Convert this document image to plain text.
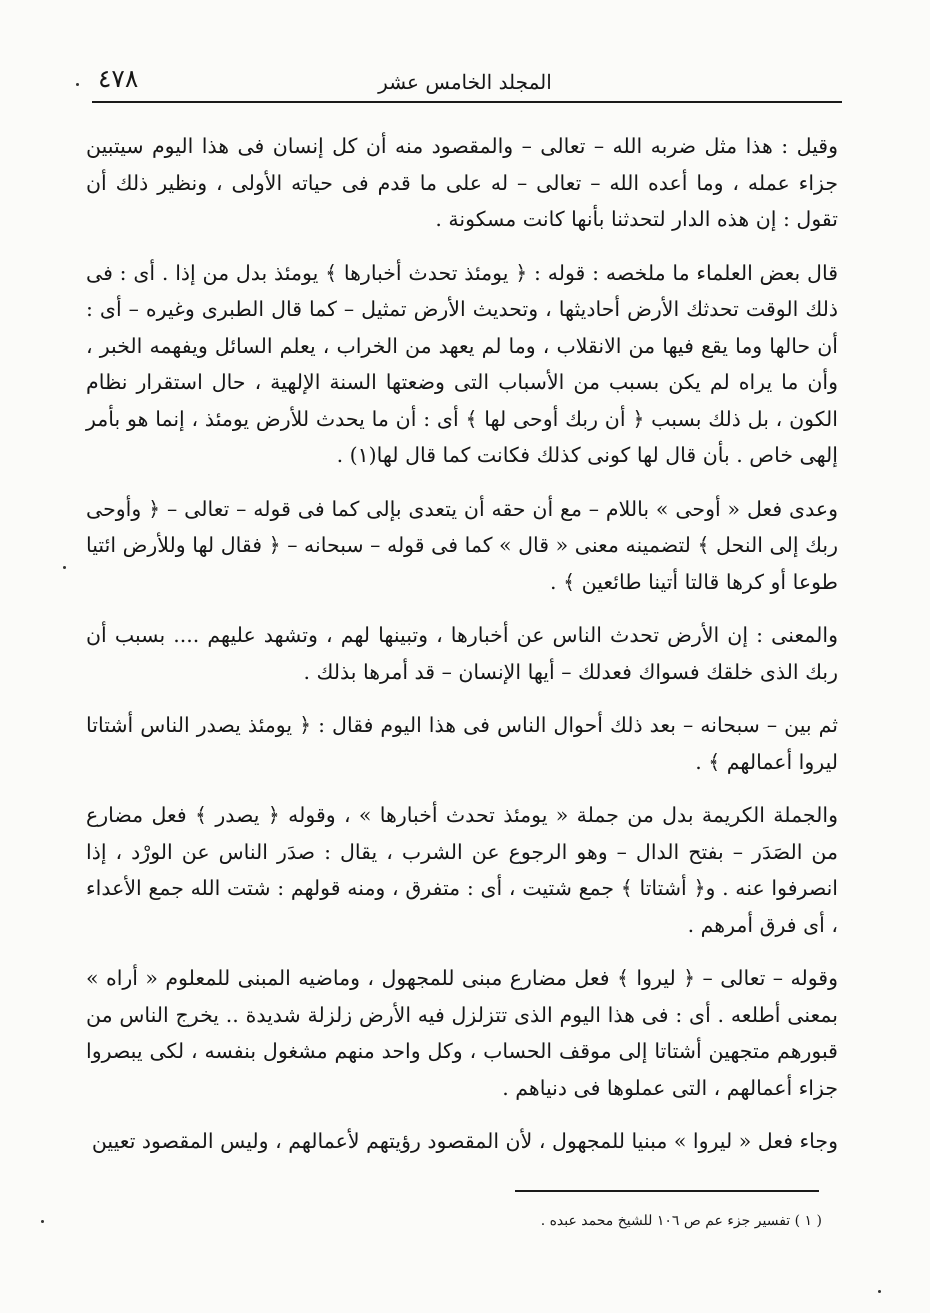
٤٧٨	المجلد الخامس عشر

وقيل : هذا مثل ضربه الله – تعالى – والمقصود منه أن كل إنسان فى هذا اليوم سيتبين جزاء عمله ، وما أعده الله – تعالى – له على ما قدم فى حياته الأولى ، ونظير ذلك أن تقول : إن هذه الدار لتحدثنا بأنها كانت مسكونة .

قال بعض العلماء ما ملخصه : قوله : ﴿ يومئذ تحدث أخبارها ﴾ يومئذ بدل من إذا . أى : فى ذلك الوقت تحدثك الأرض أحاديثها ، وتحديث الأرض تمثيل – كما قال الطبرى وغيره – أى : أن حالها وما يقع فيها من الانقلاب ، وما لم يعهد من الخراب ، يعلم السائل ويفهمه الخبر ، وأن ما يراه لم يكن بسبب من الأسباب التى وضعتها السنة الإلهية ، حال استقرار نظام الكون ، بل ذلك بسبب ﴿ أن ربك أوحى لها ﴾ أى : أن ما يحدث للأرض يومئذ ، إنما هو بأمر إلهى خاص . بأن قال لها كونى كذلك فكانت كما قال لها(١) .

وعدى فعل « أوحى » باللام – مع أن حقه أن يتعدى بإلى كما فى قوله – تعالى – ﴿ وأوحى ربك إلى النحل ﴾ لتضمينه معنى « قال » كما فى قوله – سبحانه – ﴿ فقال لها وللأرض ائتيا طوعا أو كرها قالتا أتينا طائعين ﴾ .

والمعنى : إن الأرض تحدث الناس عن أخبارها ، وتبينها لهم ، وتشهد عليهم .... بسبب أن ربك الذى خلقك فسواك فعدلك – أيها الإنسان – قد أمرها بذلك .

ثم بين – سبحانه – بعد ذلك أحوال الناس فى هذا اليوم فقال : ﴿ يومئذ يصدر الناس أشتاتا ليروا أعمالهم ﴾ .

والجملة الكريمة بدل من جملة « يومئذ تحدث أخبارها » ، وقوله ﴿ يصدر ﴾ فعل مضارع من الصَدَر – بفتح الدال – وهو الرجوع عن الشرب ، يقال : صدَر الناس عن الورْد ، إذا انصرفوا عنه . و﴿ أشتاتا ﴾ جمع شتيت ، أى : متفرق ، ومنه قولهم : شتت الله جمع الأعداء ، أى فرق أمرهم .

وقوله – تعالى – ﴿ ليروا ﴾ فعل مضارع مبنى للمجهول ، وماضيه المبنى للمعلوم « أراه » بمعنى أطلعه . أى : فى هذا اليوم الذى تتزلزل فيه الأرض زلزلة شديدة .. يخرج الناس من قبورهم متجهين أشتاتا إلى موقف الحساب ، وكل واحد منهم مشغول بنفسه ، لكى يبصروا جزاء أعمالهم ، التى عملوها فى دنياهم .

وجاء فعل « ليروا » مبنيا للمجهول ، لأن المقصود رؤيتهم لأعمالهم ، وليس المقصود تعيين

( ١ ) تفسير جزء عم ص ١٠٦ للشيخ محمد عبده .
